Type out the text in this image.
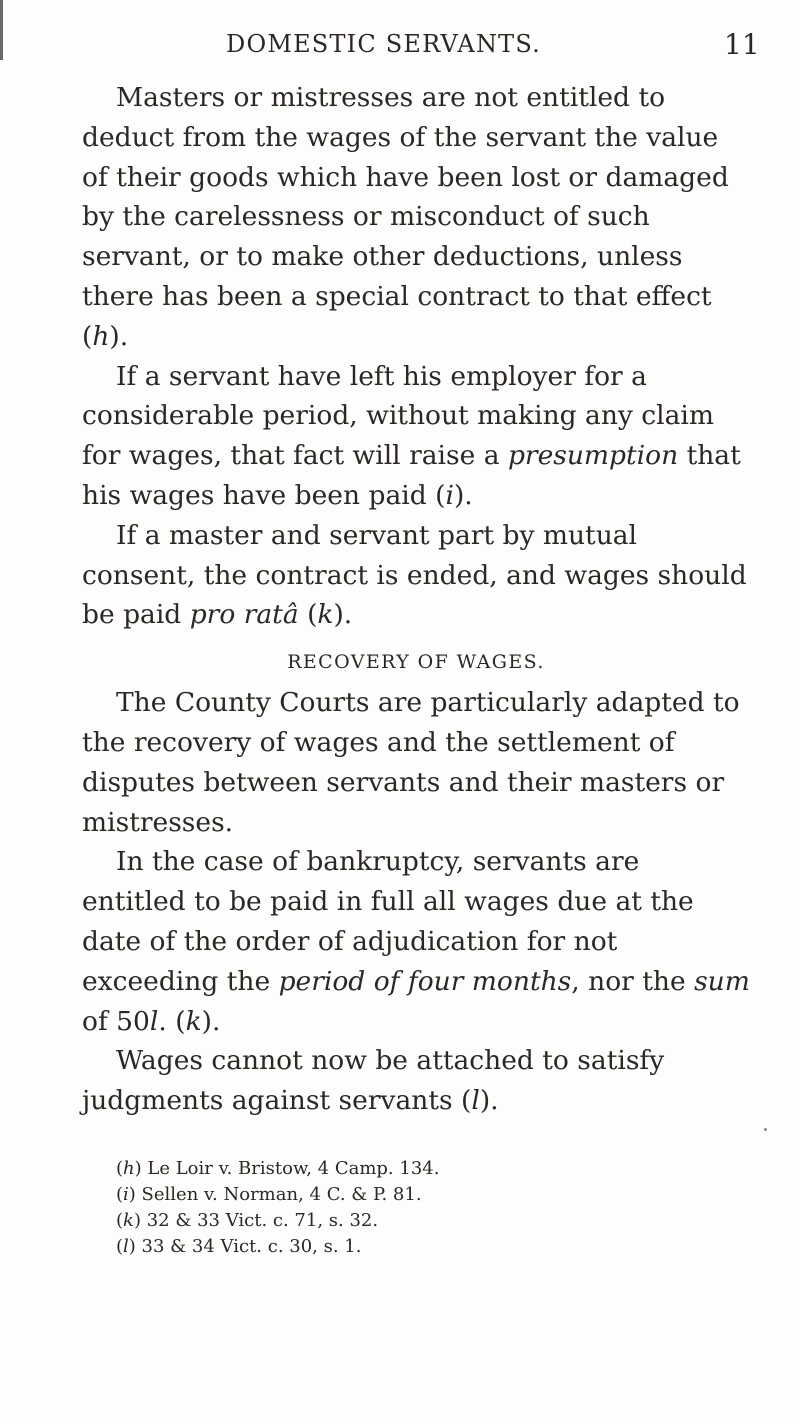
DOMESTIC SERVANTS.	11

Masters or mistresses are not entitled to deduct from the wages of the servant the value of their goods which have been lost or damaged by the carelessness or misconduct of such servant, or to make other deductions, unless there has been a special contract to that effect (h).

If a servant have left his employer for a considerable period, without making any claim for wages, that fact will raise a presumption that his wages have been paid (i).

If a master and servant part by mutual consent, the contract is ended, and wages should be paid pro ratâ (k).

RECOVERY OF WAGES.

The County Courts are particularly adapted to the recovery of wages and the settlement of disputes between servants and their masters or mistresses.

In the case of bankruptcy, servants are entitled to be paid in full all wages due at the date of the order of adjudication for not exceeding the period of four months, nor the sum of 50l. (k).

Wages cannot now be attached to satisfy judgments against servants (l).

(h) Le Loir v. Bristow, 4 Camp. 134.

(i) Sellen v. Norman, 4 C. & P. 81.

(k) 32 & 33 Vict. c. 71, s. 32.

(l) 33 & 34 Vict. c. 30, s. 1.
